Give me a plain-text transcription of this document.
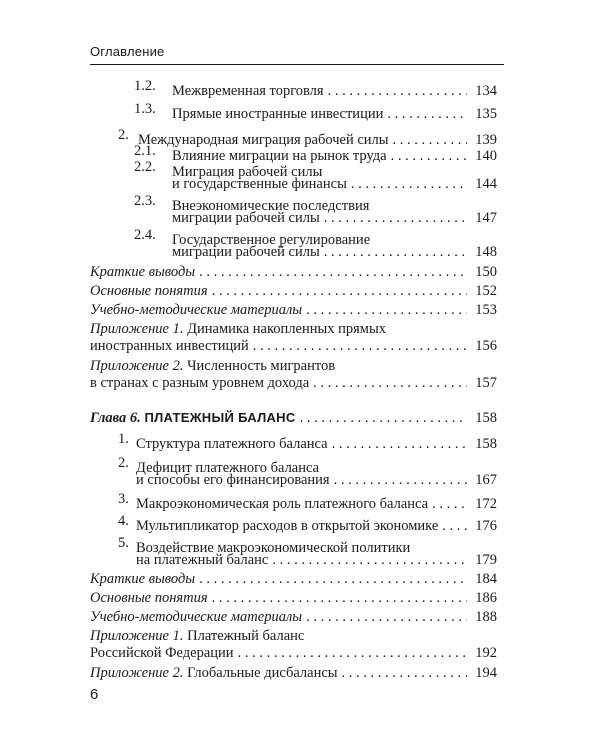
Оглавление
1.2. Межвременная торговля . . .	134
1.3. Прямые иностранные инвестиции . . .	135
2. Международная миграция рабочей силы . . .	139
2.1. Влияние миграции на рынок труда . . .	140
2.2. Миграция рабочей силы
и государственные финансы . . .	144
2.3. Внеэкономические последствия
миграции рабочей силы . . .	147
2.4. Государственное регулирование
миграции рабочей силы . . .	148
Краткие выводы . . .	150
Основные понятия . . .	152
Учебно-методические материалы . . .	153
Приложение 1. Динамика накопленных прямых
иностранных инвестиций . . .	156
Приложение 2. Численность мигрантов
в странах с разным уровнем дохода . . .	157
Глава 6.
ПЛАТЕЖНЫЙ БАЛАНС . . .	158
1. Структура платежного баланса . . .	158
2. Дефицит платежного баланса
и способы его финансирования . . .	167
3. Макроэкономическая роль платежного баланса . . .	172
4. Мультипликатор расходов в открытой экономике . . .	176
5. Воздействие макроэкономической политики
на платежный баланс . . .	179
Краткие выводы . . .	184
Основные понятия . . .	186
Учебно-методические материалы . . .	188
Приложение 1. Платежный баланс
Российской Федерации . . .	192
Приложение 2.
Глобальные дисбалансы . . .	194
6
